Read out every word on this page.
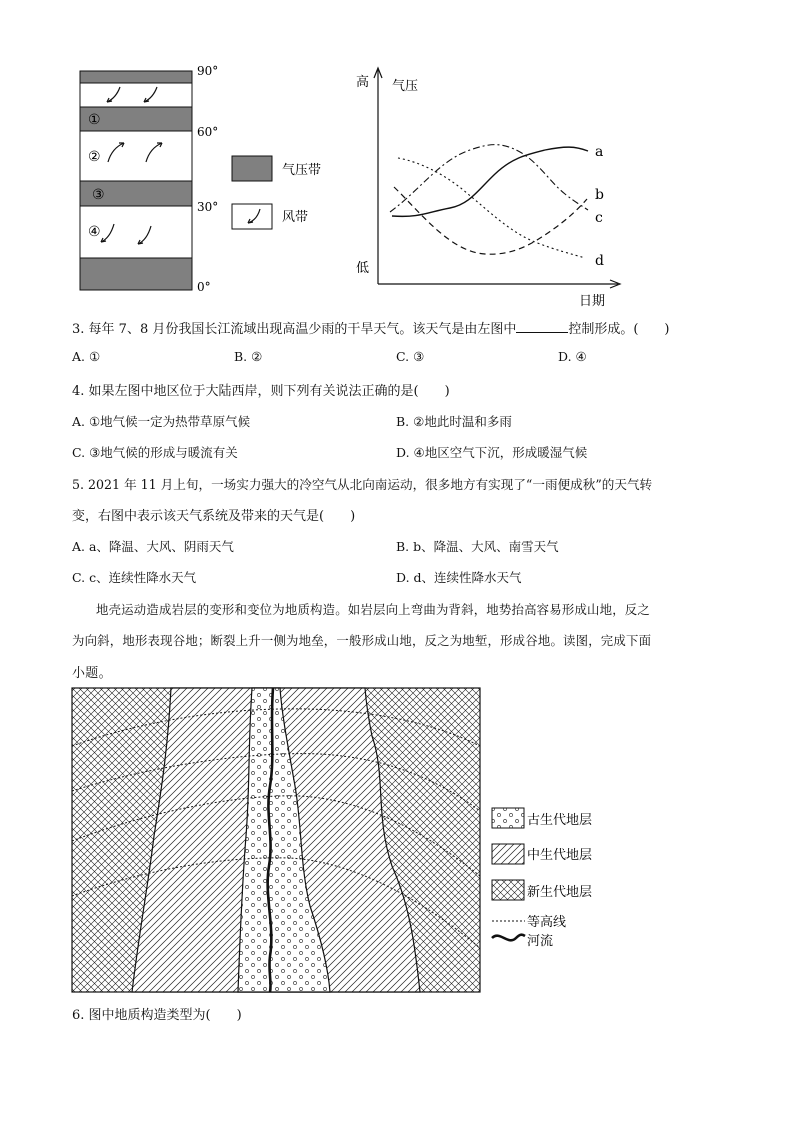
①
②
③
④
90°
60°
30°
0°
气压带
风带
高 气压
低
日期
a
b
c
d
3. 每年 7、8 月份我国长江流域出现高温少雨的干旱天气。该天气是由左图中	控制形成。(　　)
A. ①	B. ②	C. ③	D. ④
4. 如果左图中地区位于大陆西岸，则下列有关说法正确的是(　　)
A. ①地气候一定为热带草原气候	B. ②地此时温和多雨
C. ③地气候的形成与暖流有关	D. ④地区空气下沉，形成暖湿气候
5. 2021 年 11 月上旬，一场实力强大的冷空气从北向南运动，很多地方有实现了“一雨便成秋”的天气转
变，右图中表示该天气系统及带来的天气是(　　)
A. a、降温、大风、阴雨天气	B. b、降温、大风、南雪天气
C. c、连续性降水天气	D. d、连续性降水天气
地壳运动造成岩层的变形和变位为地质构造。如岩层向上弯曲为背斜，地势抬高容易形成山地，反之
为向斜，地形表现谷地；断裂上升一侧为地垒，一般形成山地，反之为地堑，形成谷地。读图，完成下面
小题。
古生代地层
中生代地层
新生代地层
等高线
河流
6. 图中地质构造类型为(　　)
